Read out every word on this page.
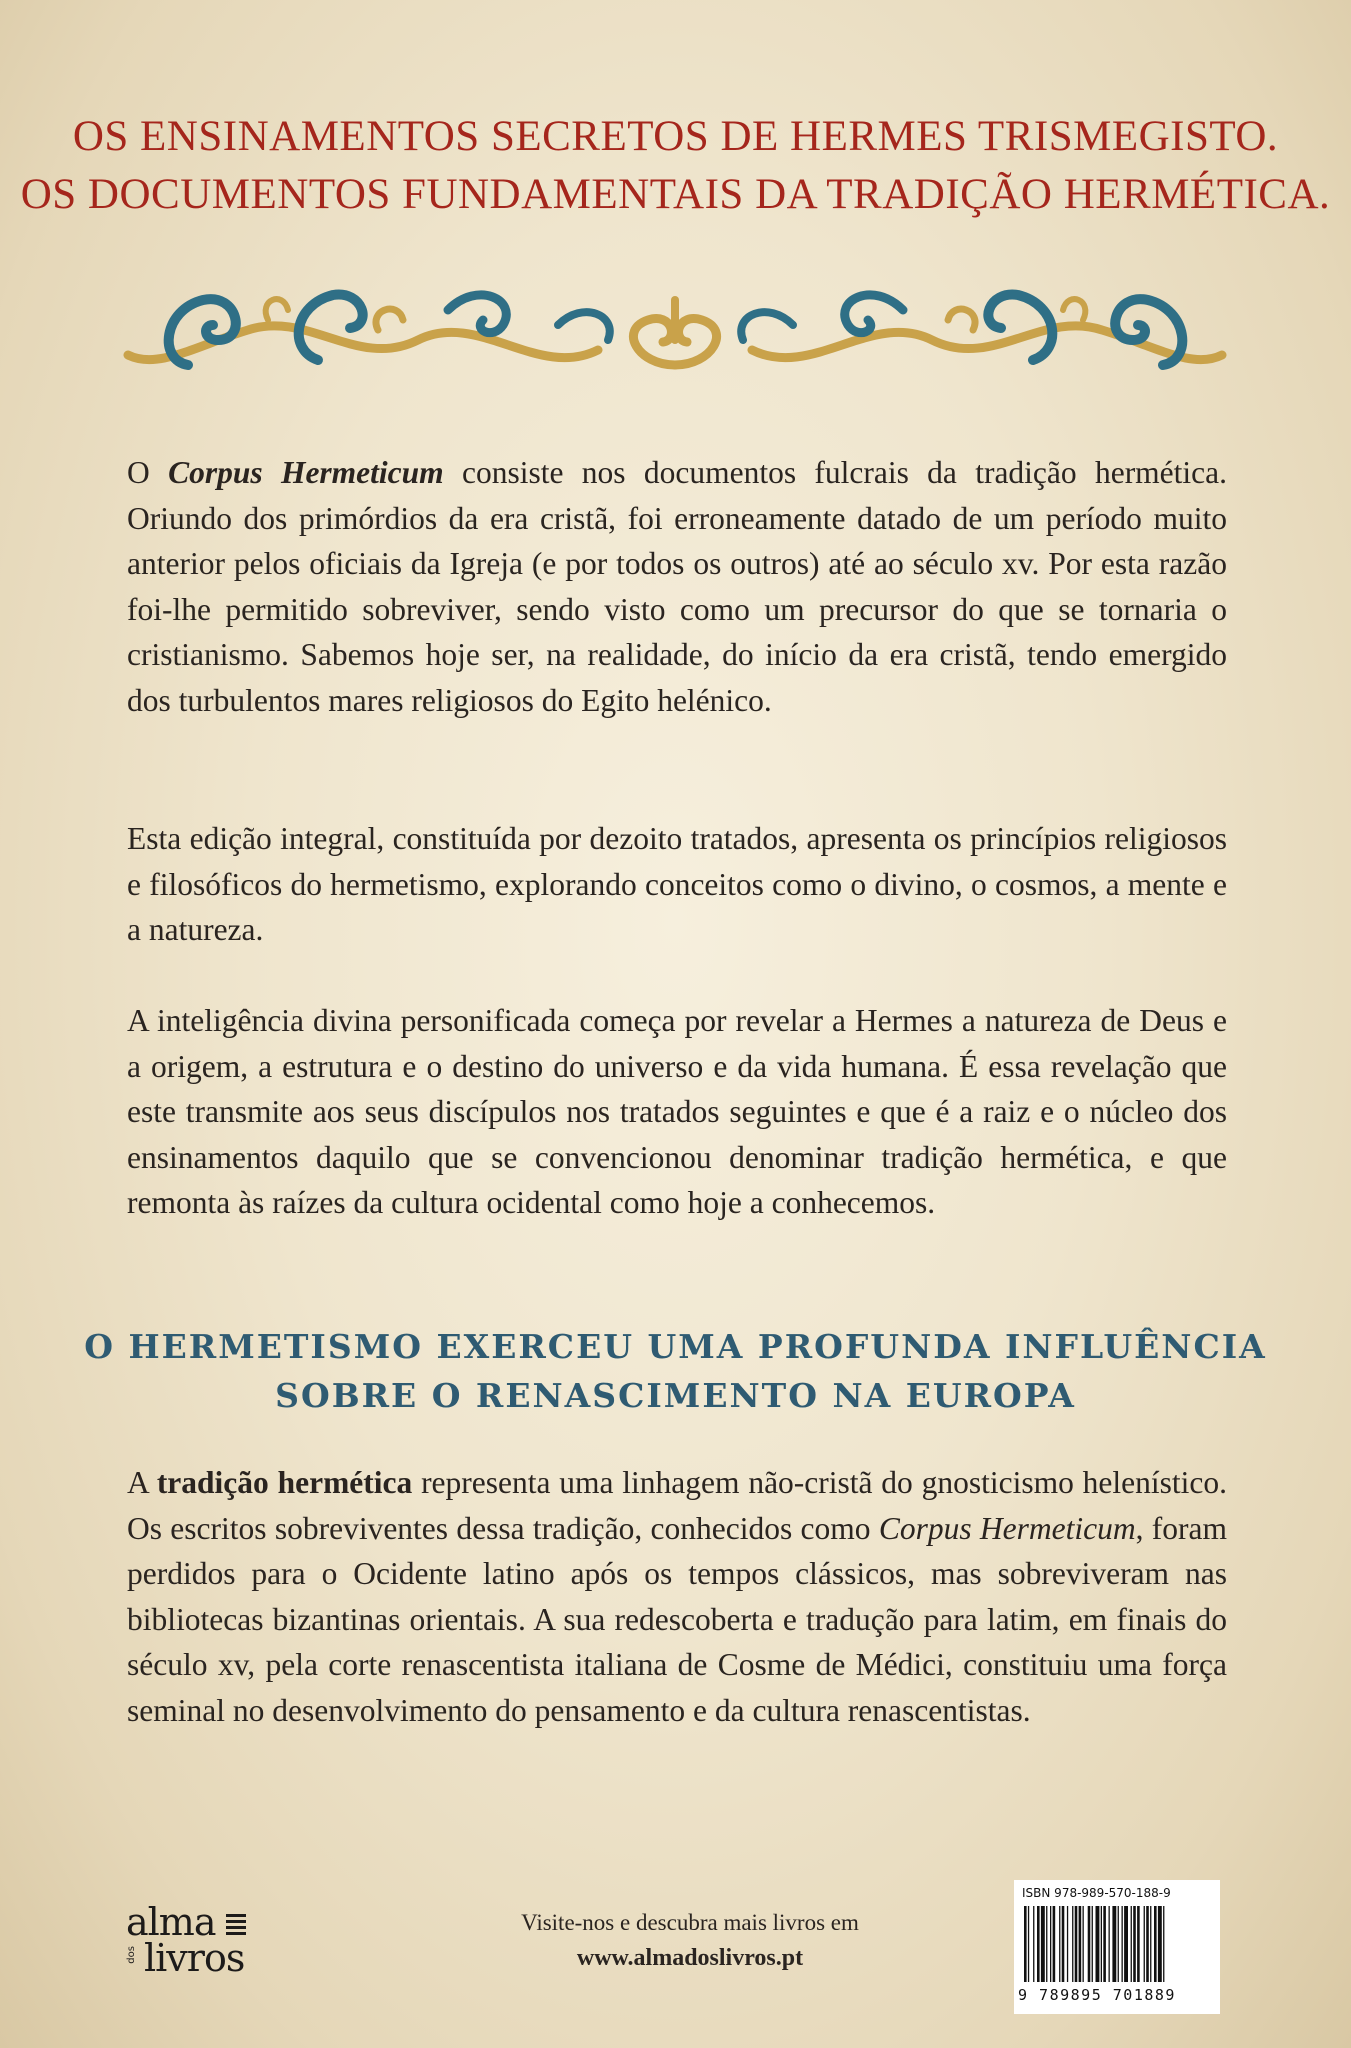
OS ENSINAMENTOS SECRETOS DE HERMES TRISMEGISTO.
OS DOCUMENTOS FUNDAMENTAIS DA TRADIÇÃO HERMÉTICA.

O Corpus Hermeticum consiste nos documentos fulcrais da tradição hermética. Oriundo dos primórdios da era cristã, foi erroneamente datado de um período muito anterior pelos oficiais da Igreja (e por todos os outros) até ao século xv. Por esta razão foi-lhe permitido sobreviver, sendo visto como um precursor do que se tornaria o cristianismo. Sabemos hoje ser, na realidade, do início da era cristã, tendo emergido dos turbulentos mares religiosos do Egito helénico.

Esta edição integral, constituída por dezoito tratados, apresenta os princípios religiosos e filosóficos do hermetismo, explorando conceitos como o divino, o cosmos, a mente e a natureza.

A inteligência divina personificada começa por revelar a Hermes a natureza de Deus e a origem, a estrutura e o destino do universo e da vida humana. É essa revelação que este transmite aos seus discípulos nos tratados seguintes e que é a raiz e o núcleo dos ensinamentos daquilo que se convencionou denominar tradição hermética, e que remonta às raízes da cultura ocidental como hoje a conhecemos.

O HERMETISMO EXERCEU UMA PROFUNDA INFLUÊNCIA
SOBRE O RENASCIMENTO NA EUROPA

A tradição hermética representa uma linhagem não-cristã do gnosticismo helenístico. Os escritos sobreviventes dessa tradição, conhecidos como Corpus Hermeticum, foram perdidos para o Ocidente latino após os tempos clássicos, mas sobreviveram nas bibliotecas bizantinas orientais. A sua redescoberta e tradução para latim, em finais do século xv, pela corte renascentista italiana de Cosme de Médici, constituiu uma força seminal no desenvolvimento do pensamento e da cultura renascentistas.

alma
dos livros
Visite-nos e descubra mais livros em
www.almadoslivros.pt
ISBN 978-989-570-188-9
9 789895 701889
